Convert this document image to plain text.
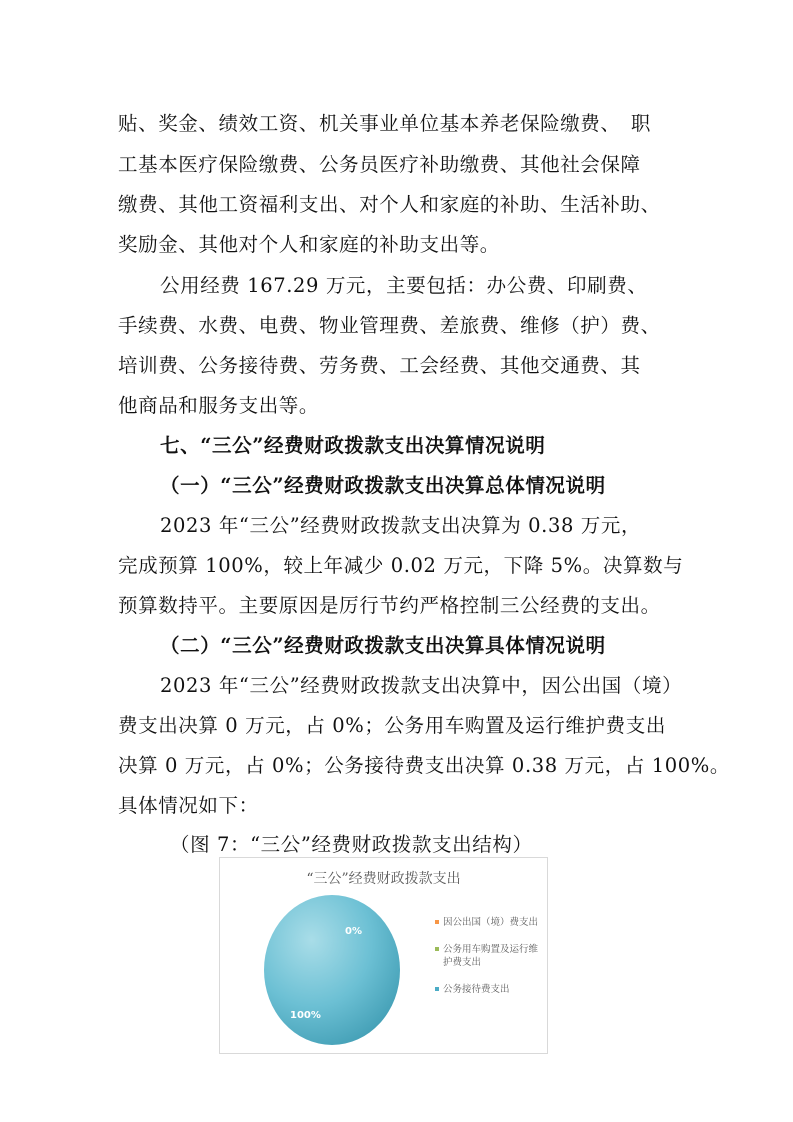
贴、奖金、绩效工资、机关事业单位基本养老保险缴费、　职
工基本医疗保险缴费、公务员医疗补助缴费、其他社会保障
缴费、其他工资福利支出、对个人和家庭的补助、生活补助、
奖励金、其他对个人和家庭的补助支出等。
公用经费 167.29 万元，主要包括：办公费、印刷费、
手续费、水费、电费、物业管理费、差旅费、维修（护）费、
培训费、公务接待费、劳务费、工会经费、其他交通费、其
他商品和服务支出等。
七、“三公”经费财政拨款支出决算情况说明
（一）“三公”经费财政拨款支出决算总体情况说明
2023 年“三公”经费财政拨款支出决算为 0.38 万元，
完成预算 100%，较上年减少 0.02 万元，下降 5%。决算数与
预算数持平。主要原因是厉行节约严格控制三公经费的支出。
（二）“三公”经费财政拨款支出决算具体情况说明
2023 年“三公”经费财政拨款支出决算中，因公出国（境）
费支出决算 0 万元，占 0%；公务用车购置及运行维护费支出
决算 0 万元，占 0%；公务接待费支出决算 0.38 万元，占 100%。
具体情况如下：
（图 7：“三公”经费财政拨款支出结构）
“三公”经费财政拨款支出
0%
100%
因公出国（境）费支出
公务用车购置及运行维护费支出
公务接待费支出
